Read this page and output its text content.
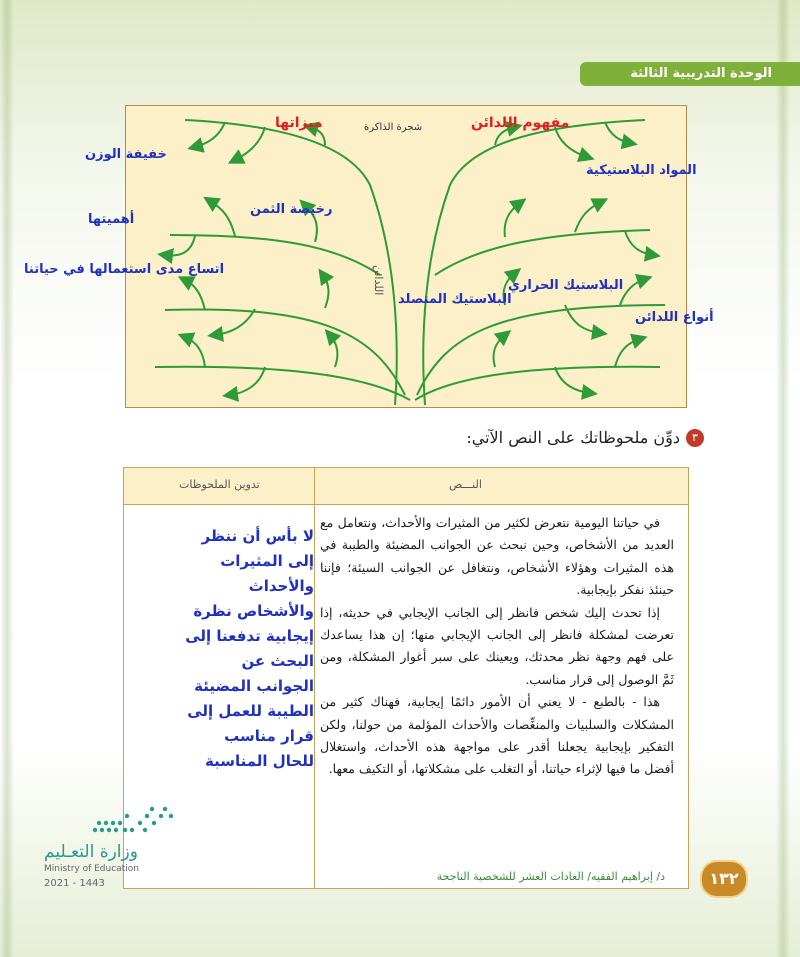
الوحدة التدريبية الثالثة
شجرة الذاكرة
اللدائن
ميزاتها	مفهوم اللدائن
خفيفة الوزن
رخيصة الثمن
أهميتها
اتساع مدى استعمالها في حياتنا
المواد البلاستيكية
البلاستيك الحراري
البلاستيك المتصلد
أنواع اللدائن
٣
دوِّن ملحوظاتك على النص الآتي:
النـــص
تدوين الملحوظات
لا بأس أن ننظر إلى المثيرات والأحداث والأشخاص نظرة إيجابية تدفعنا إلى البحث عن الجوانب المضيئة الطيبة للعمل إلى قرار مناسب للحال المناسبة

في حياتنا اليومية نتعرض لكثير من المثيرات والأحداث، ونتعامل مع العديد من الأشخاص، وحين نبحث عن الجوانب المضيئة والطيبة في هذه المثيرات وهؤلاء الأشخاص، ونتغافل عن الجوانب السيئة؛ فإننا حينئذ نفكر بإيجابية.

إذا تحدث إليك شخص فانظر إلى الجانب الإيجابي في حديثه، إذا تعرضت لمشكلة فانظر إلى الجانب الإيجابي منها؛ إن هذا يساعدك على فهم وجهة نظر محدثك، ويعينك على سبر أغوار المشكلة، ومن ثَمَّ الوصول إلى قرار مناسب.

هذا - بالطبع - لا يعني أن الأمور دائمًا إيجابية، فهناك كثير من المشكلات والسلبيات والمنغِّصات والأحداث المؤلمة من حولنا، ولكن التفكير بإيجابية يجعلنا أقدر على مواجهة هذه الأحداث، واستغلال أفضل ما فيها لإثراء حياتنا، أو التغلب على مشكلاتها، أو التكيف معها.

د/ إبراهيم الفقيه/ العادات العشر للشخصية الناجحة	١٣٢
وزارة التعـليم
Ministry of Education
2021 - 1443
